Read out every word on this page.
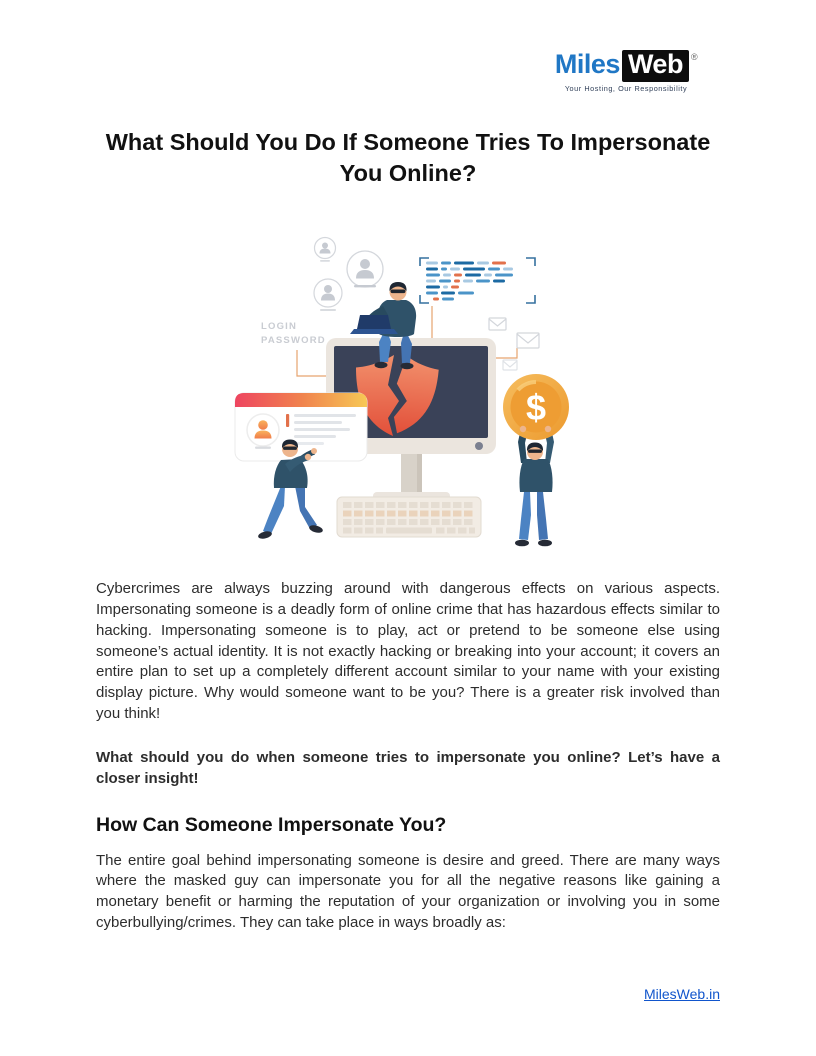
Miles Web ®
Your Hosting, Our Responsibility
What Should You Do If Someone Tries To Impersonate You Online?
LOGIN
PASSWORD
$

Cybercrimes are always buzzing around with dangerous effects on various aspects. Impersonating someone is a deadly form of online crime that has hazardous effects similar to hacking. Impersonating someone is to play, act or pretend to be someone else using someone’s actual identity. It is not exactly hacking or breaking into your account; it covers an entire plan to set up a completely different account similar to your name with your existing display picture. Why would someone want to be you? There is a greater risk involved than you think!

What should you do when someone tries to impersonate you online? Let’s have a closer insight!

How Can Someone Impersonate You?

The entire goal behind impersonating someone is desire and greed. There are many ways where the masked guy can impersonate you for all the negative reasons like gaining a monetary benefit or harming the reputation of your organization or involving you in some cyberbullying/crimes. They can take place in ways broadly as:

MilesWeb.in
